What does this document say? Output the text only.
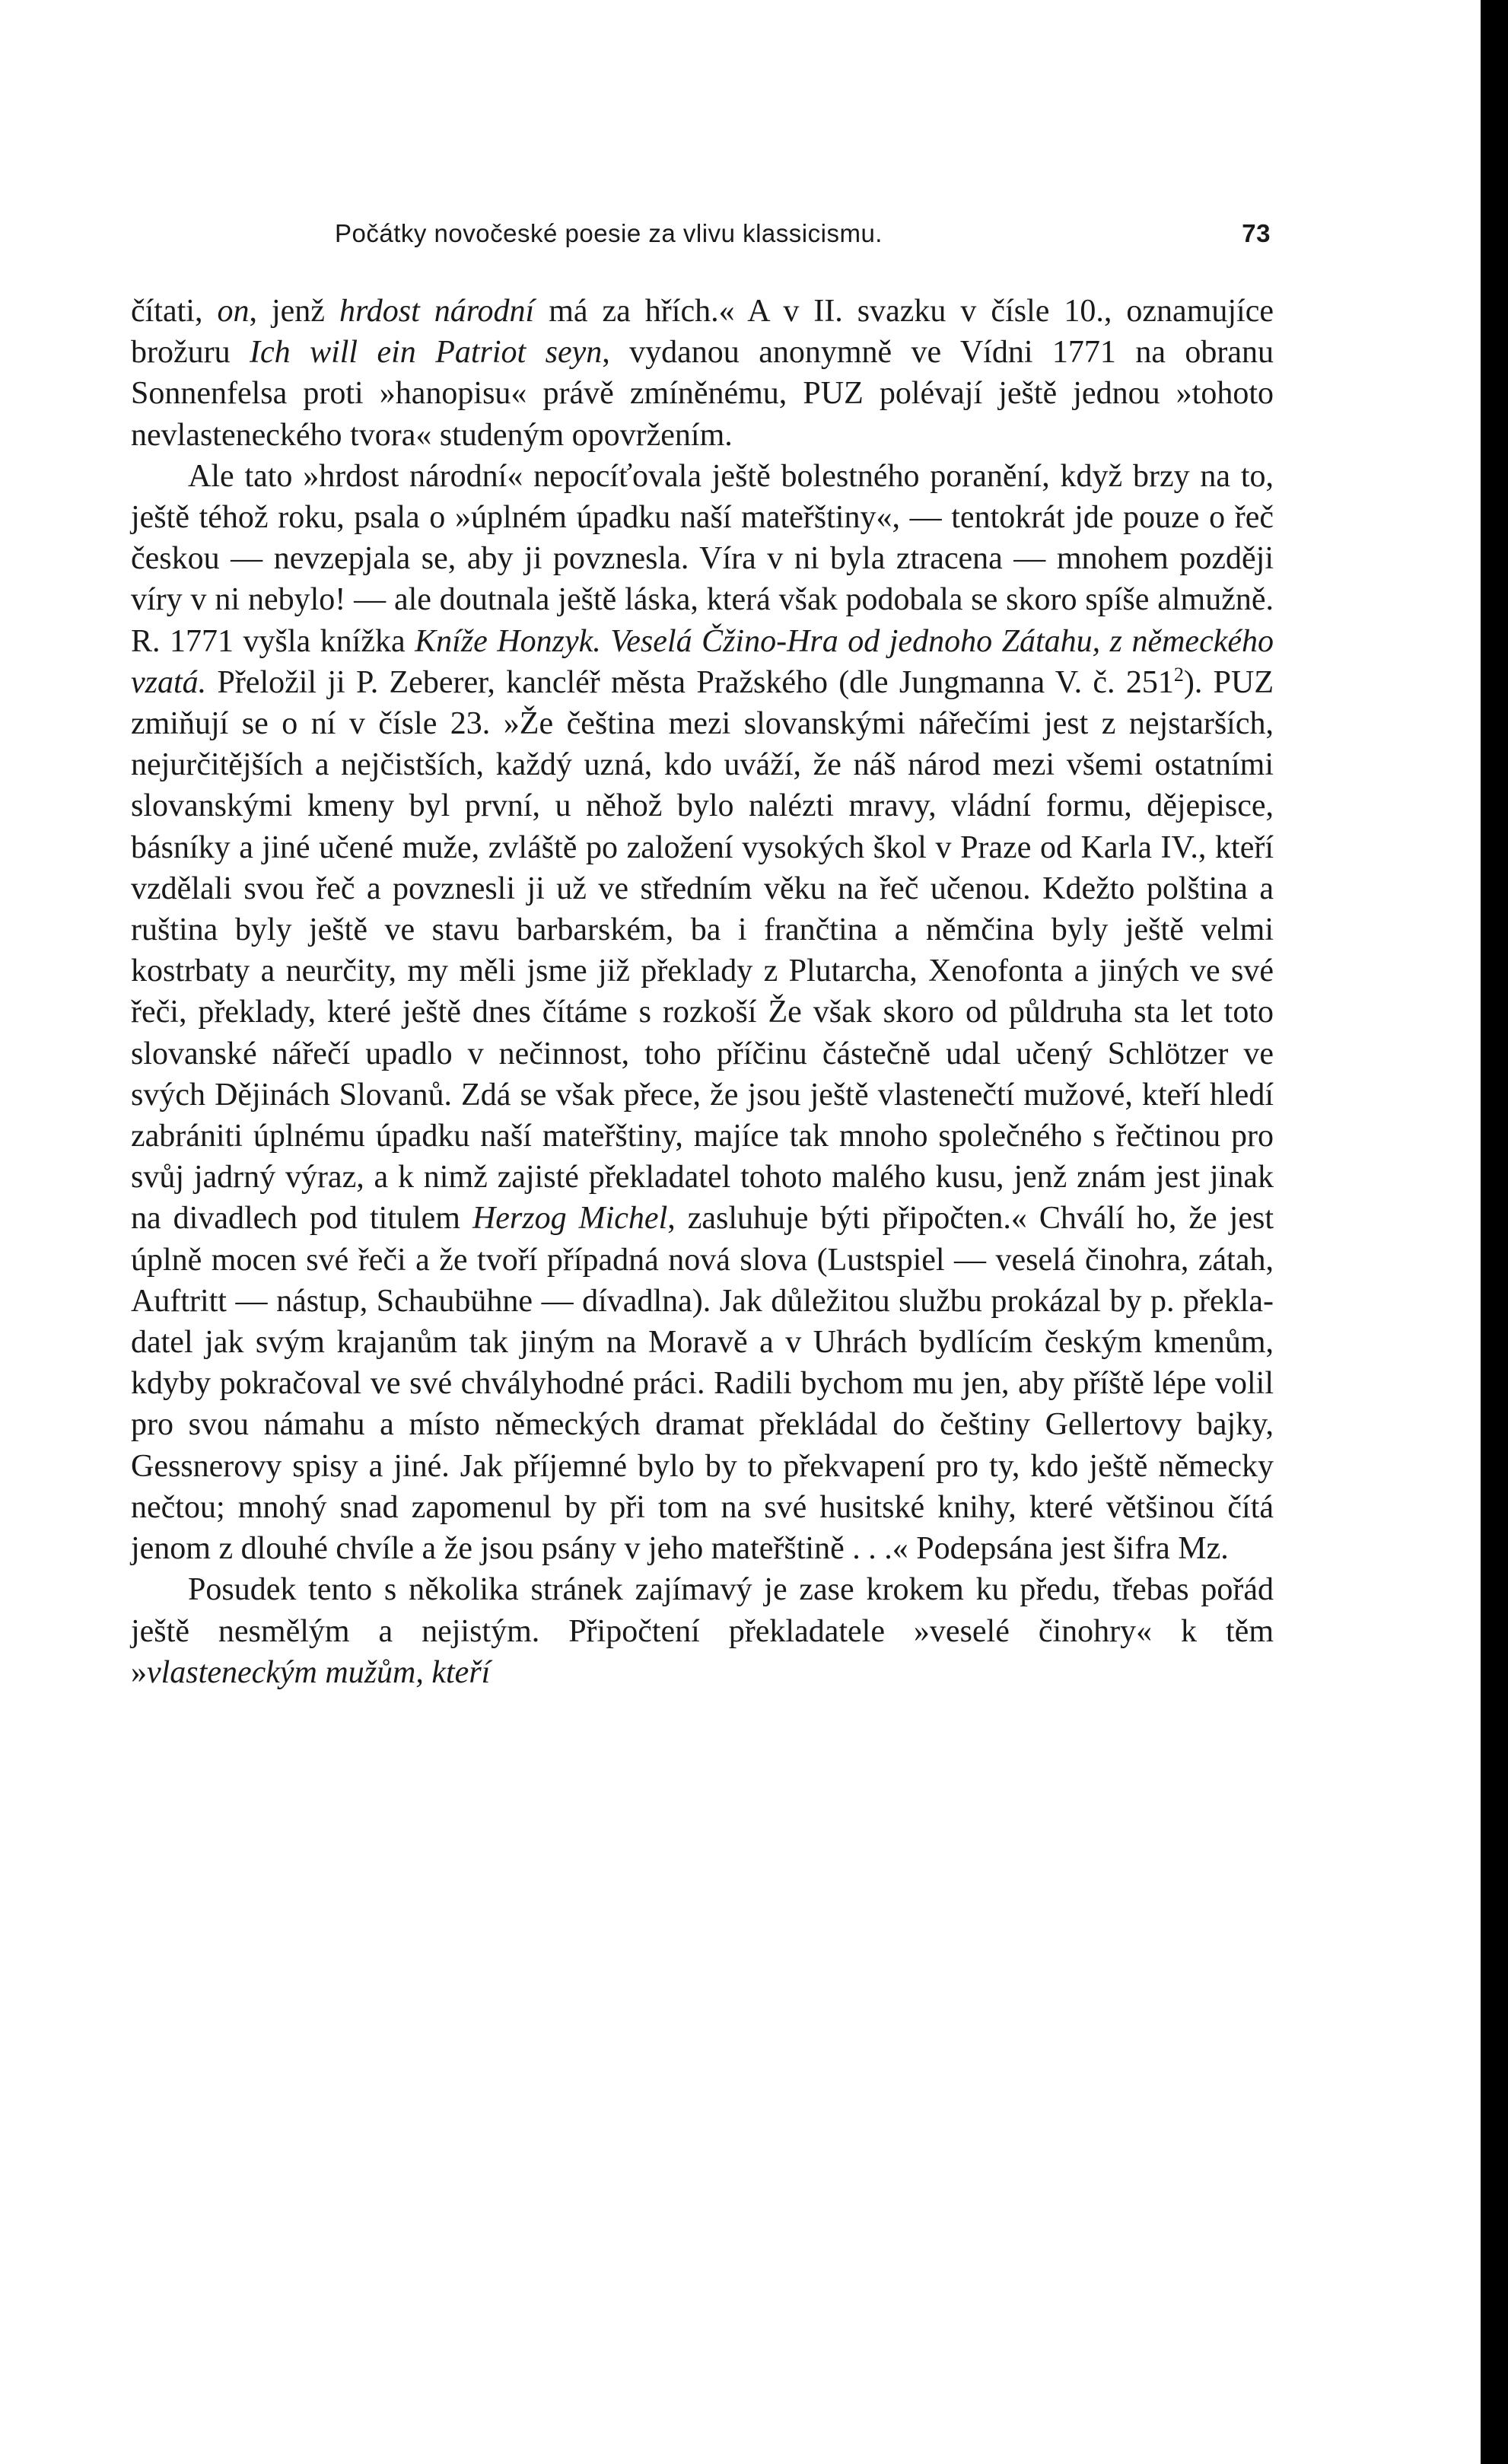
Počátky novočeské poesie za vlivu klassicismu.	73

čítati, on, jenž hrdost národní má za hřích.« A v II. svazku v čísle 10., oznamujíce brožuru Ich will ein Patriot seyn, vydanou anonymně ve Vídni 1771 na obranu Sonnenfelsa proti »hanopisu« právě zmíněnému, PUZ polévají ještě jednou »tohoto nevlasteneckého tvora« studeným opovržením.

Ale tato »hrdost národní« nepocíťovala ještě bolestného poranění, když brzy na to, ještě téhož roku, psala o »úplném úpadku naší mateřštiny«, — tentokrát jde pouze o řeč českou — nevzepjala se, aby ji povznesla. Víra v ni byla ztracena — mnohem později víry v ni nebylo! — ale doutnala ještě láska, která však podobala se skoro spíše almužně. R. 1771 vyšla knížka Kníže Honzyk. Veselá Čžino-Hra od jednoho Zátahu, z německého vzatá. Přeložil ji P. Zeberer, kancléř města Pražského (dle Jungmanna V. č. $251^2$). PUZ zmiňují se o ní v čísle 23. »Že čeština mezi slovanskými nářečími jest z nejstarších, nejurčitějších a nejčistších, každý uzná, kdo uváží, že náš národ mezi všemi ostatními slovanskými kmeny byl první, u něhož bylo nalézti mravy, vládní formu, dějepisce, básníky a jiné učené muže, zvláště po založení vysokých škol v Praze od Karla IV., kteří vzdělali svou řeč a povznesli ji už ve středním věku na řeč učenou. Kdežto polština a ruština byly ještě ve stavu barbarském, ba i frančtina a němčina byly ještě velmi kostrbaty a neurčity, my měli jsme již překlady z Plutarcha, Xenofonta a jiných ve své řeči, překlady, které ještě dnes čítáme s rozkoší Že však skoro od půldruha sta let toto slovanské nářečí upadlo v nečinnost, toho příčinu částečně udal učený Schlötzer ve svých Dějinách Slovanů. Zdá se však přece, že jsou ještě vlastenečtí mužové, kteří hledí zabrániti úplnému úpadku naší mateřštiny, majíce tak mnoho společného s řečtinou pro svůj jadrný výraz, a k nimž zajisté překladatel tohoto malého kusu, jenž znám jest jinak na divadlech pod titulem Herzog Michel, zasluhuje býti připočten.« Chválí ho, že jest úplně mocen své řeči a že tvoří případná nová slova (Lustspiel — veselá činohra, zátah, Auftritt — nástup, Schaubühne — dívadlna). Jak důležitou službu prokázal by p. překladatel jak svým krajanům tak jiným na Moravě a v Uhrách bydlícím českým kmenům, kdyby pokračoval ve své chvályhodné práci. Radili bychom mu jen, aby příště lépe volil pro svou námahu a místo německých dramat překládal do češtiny Gellertovy bajky, Gessnerovy spisy a jiné. Jak příjemné bylo by to překvapení pro ty, kdo ještě německy nečtou; mnohý snad zapomenul by při tom na své husitské knihy, které většinou čítá jenom z dlouhé chvíle a že jsou psány v jeho mateřštině . . .« Podepsána jest šifra Mz.

Posudek tento s několika stránek zajímavý je zase krokem ku předu, třebas pořád ještě nesmělým a nejistým. Připočtení překladatele »veselé činohry« k těm »vlasteneckým mužům, kteří
